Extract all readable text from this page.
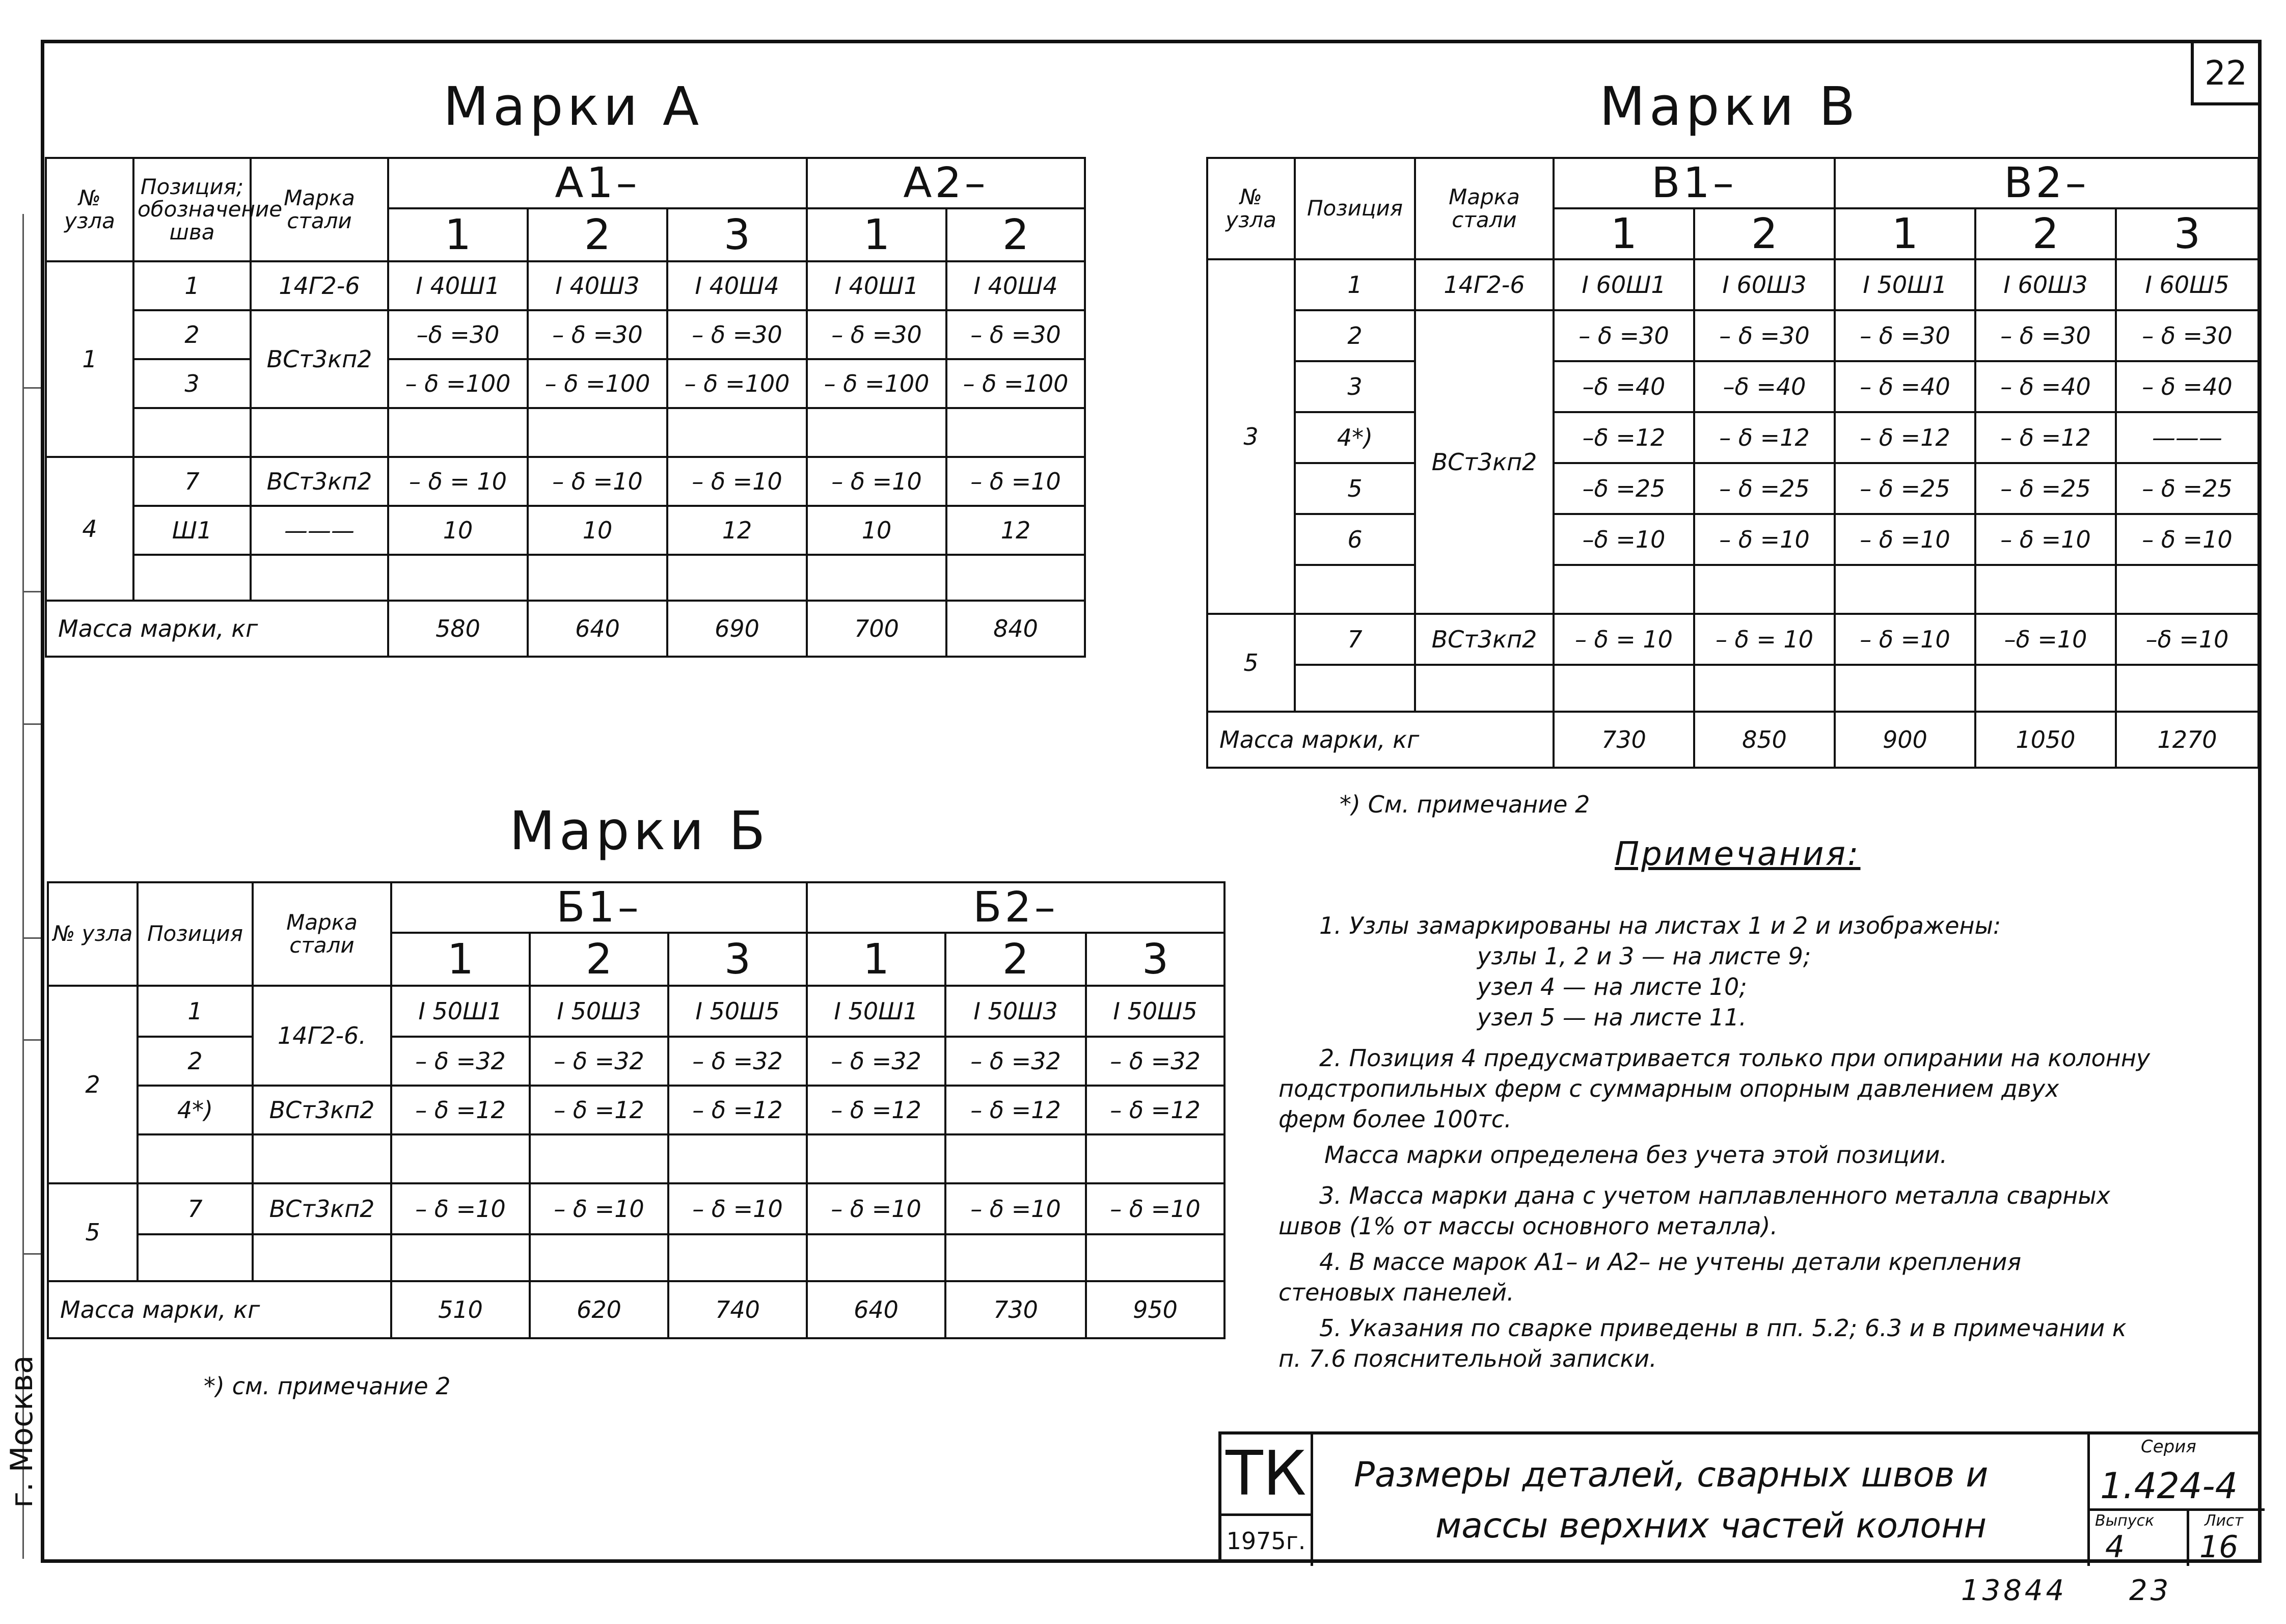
22
г. Москва
Марки А	Марки В
Марки Б
№ узла	Позиция; обозначение шва	Марка стали	А1–			А2–	
			1	2	3	1	2
1	1	14Г2-6	I 40Ш1	I 40Ш3	I 40Ш4	I 40Ш1	I 40Ш4
	2	ВСт3кп2	–δ =30	– δ =30	– δ =30	– δ =30	– δ =30
	3		– δ =100	– δ =100	– δ =100	– δ =100	– δ =100

4	7	ВСт3кп2	– δ = 10	– δ =10	– δ =10	– δ =10	– δ =10
	Ш1	———	10	10	12	10	12

Масса марки, кг			580	640	690	700	840
№ узла	Позиция	Марка стали	В1–		В2–		
			1	2	1	2	3
3	1	14Г2-6	I 60Ш1	I 60Ш3	I 50Ш1	I 60Ш3	I 60Ш5
	2	ВСт3кп2	– δ =30	– δ =30	– δ =30	– δ =30	– δ =30
	3		–δ =40	–δ =40	– δ =40	– δ =40	– δ =40
	4*)		–δ =12	– δ =12	– δ =12	– δ =12	———
	5		–δ =25	– δ =25	– δ =25	– δ =25	– δ =25
	6		–δ =10	– δ =10	– δ =10	– δ =10	– δ =10

5	7	ВСт3кп2	– δ = 10	– δ = 10	– δ =10	–δ =10	–δ =10

Масса марки, кг			730	850	900	1050	1270
*) См. примечание 2
№ узла	Позиция	Марка стали	Б1–			Б2–		
			1	2	3	1	2	3
2	1	14Г2-6.	I 50Ш1	I 50Ш3	I 50Ш5	I 50Ш1	I 50Ш3	I 50Ш5
	2		– δ =32	– δ =32	– δ =32	– δ =32	– δ =32	– δ =32
	4*)	ВСт3кп2	– δ =12	– δ =12	– δ =12	– δ =12	– δ =12	– δ =12

5	7	ВСт3кп2	– δ =10	– δ =10	– δ =10	– δ =10	– δ =10	– δ =10

Масса марки, кг			510	620	740	640	730	950
*) см. примечание 2
Примечания:
1. Узлы замаркированы на листах 1 и 2 и изображены:
узлы 1, 2 и 3 — на листе 9;
узел 4 — на листе 10;
узел 5 — на листе 11.
2. Позиция 4 предусматривается только при опирании на колонну
подстропильных ферм с суммарным опорным давлением двух
ферм более 100тс.
Масса марки определена без учета этой позиции.
3. Масса марки дана с учетом наплавленного металла сварных
швов (1% от массы основного металла).
4. В массе марок А1– и А2– не учтены детали крепления
стеновых панелей.
5. Указания по сварке приведены в пп. 5.2; 6.3 и в примечании к
п. 7.6 пояснительной записки.
ТК
1975г.
Размеры деталей, сварных швов и
массы верхних частей колонн
Серия
1.424-4
Выпуск
4
Лист
16
13844 23
